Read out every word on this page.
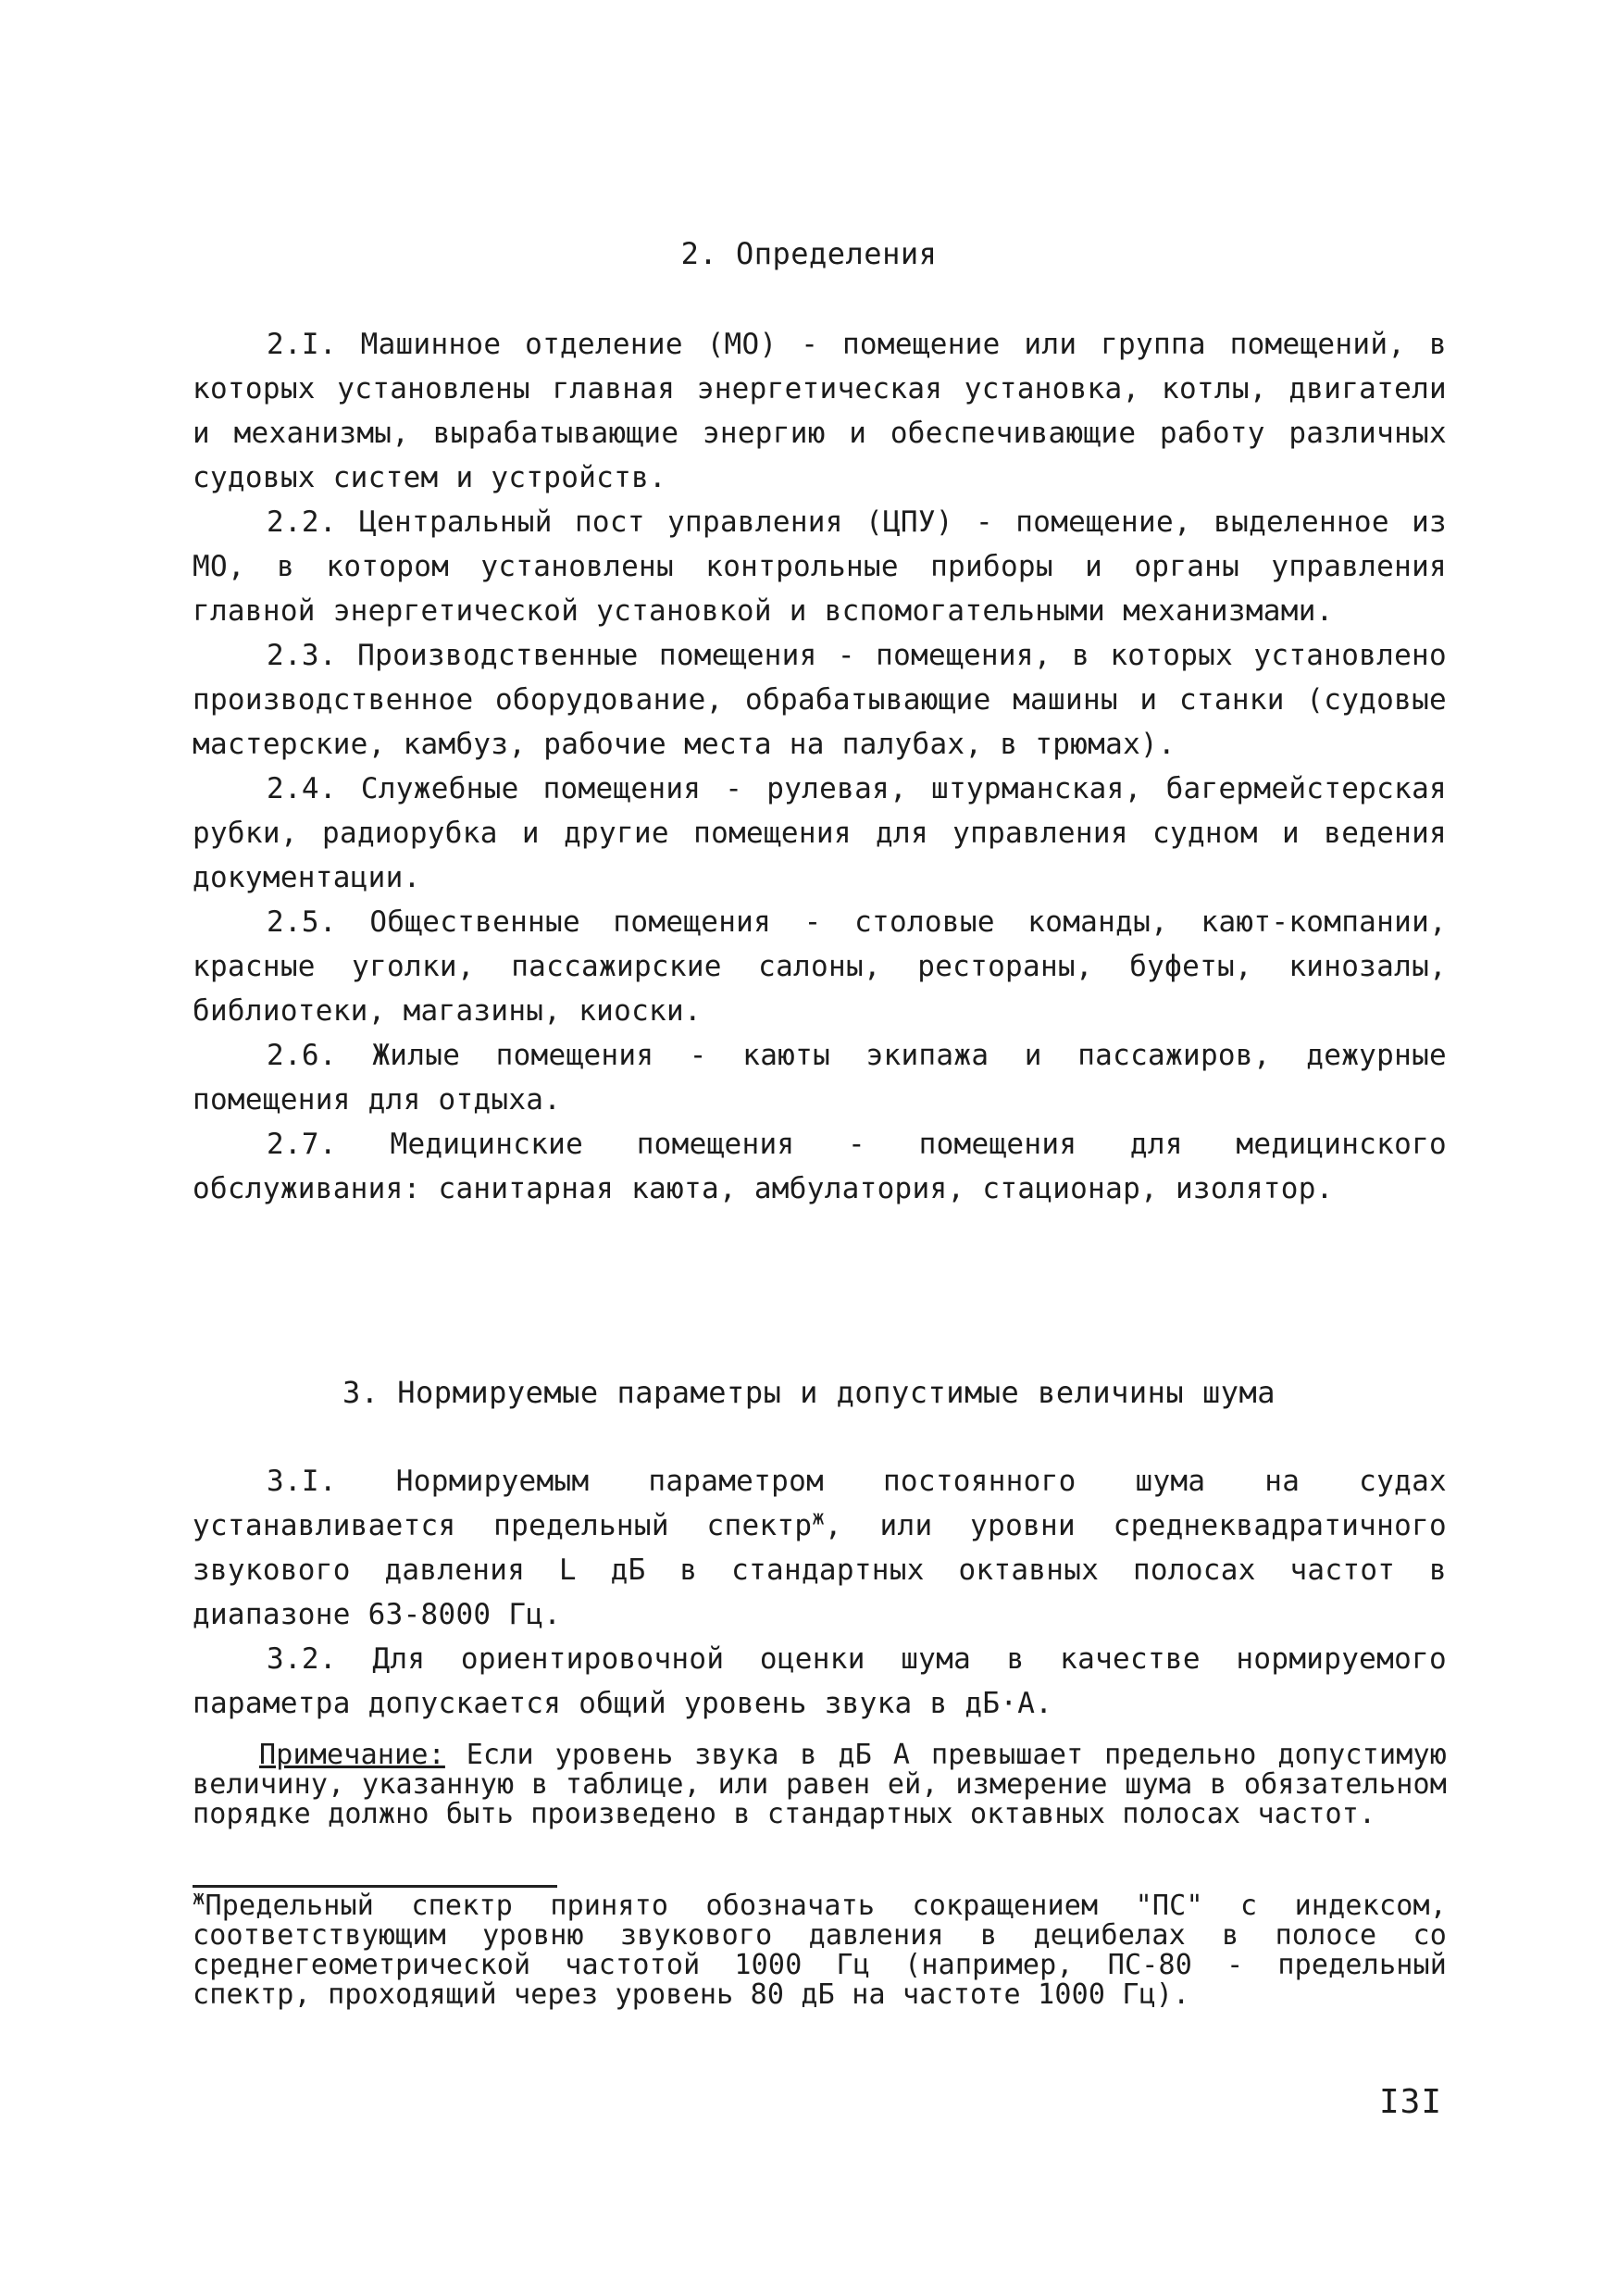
2. Определения

2.I. Машинное отделение (МО) - помещение или группа помещений, в которых установлены главная энергетическая установка, котлы, двигатели и механизмы, вырабатывающие энергию и обеспечивающие работу различных судовых систем и устройств.

2.2. Центральный пост управления (ЦПУ) - помещение, выделенное из МО, в котором установлены контрольные приборы и органы управления главной энергетической установкой и вспомогательными механизмами.

2.3. Производственные помещения - помещения, в которых установлено производственное оборудование, обрабатывающие машины и станки (судовые мастерские, камбуз, рабочие места на палубах, в трюмах).

2.4. Служебные помещения - рулевая, штурманская, багермейстерская рубки, радиорубка и другие помещения для управления судном и ведения документации.

2.5. Общественные помещения - столовые команды, кают-компании, красные уголки, пассажирские салоны, рестораны, буфеты, кинозалы, библиотеки, магазины, киоски.

2.6. Жилые помещения - каюты экипажа и пассажиров, дежурные помещения для отдыха.

2.7. Медицинские помещения - помещения для медицинского обслуживания: санитарная каюта, амбулатория, стационар, изолятор.

3. Нормируемые параметры и допустимые величины шума

3.I. Нормируемым параметром постоянного шума на судах устанавливается предельный спектр$^ж$, или уровни среднеквадратичного звукового давления L дБ в стандартных октавных полосах частот в диапазоне 63-8000 Гц.

3.2. Для ориентировочной оценки шума в качестве нормируемого параметра допускается общий уровень звука в дБ·А.

Примечание: Если уровень звука в дБ А превышает предельно допустимую величину, указанную в таблице, или равен ей, измерение шума в обязательном порядке должно быть произведено в стандартных октавных полосах частот.
$^ж$Предельный спектр принято обозначать сокращением "ПС" с индексом, соответствующим уровню звукового давления в децибелах в полосе со среднегеометрической частотой 1000 Гц (например, ПС-80 - предельный спектр, проходящий через уровень 80 дБ на частоте 1000 Гц).
I3I
